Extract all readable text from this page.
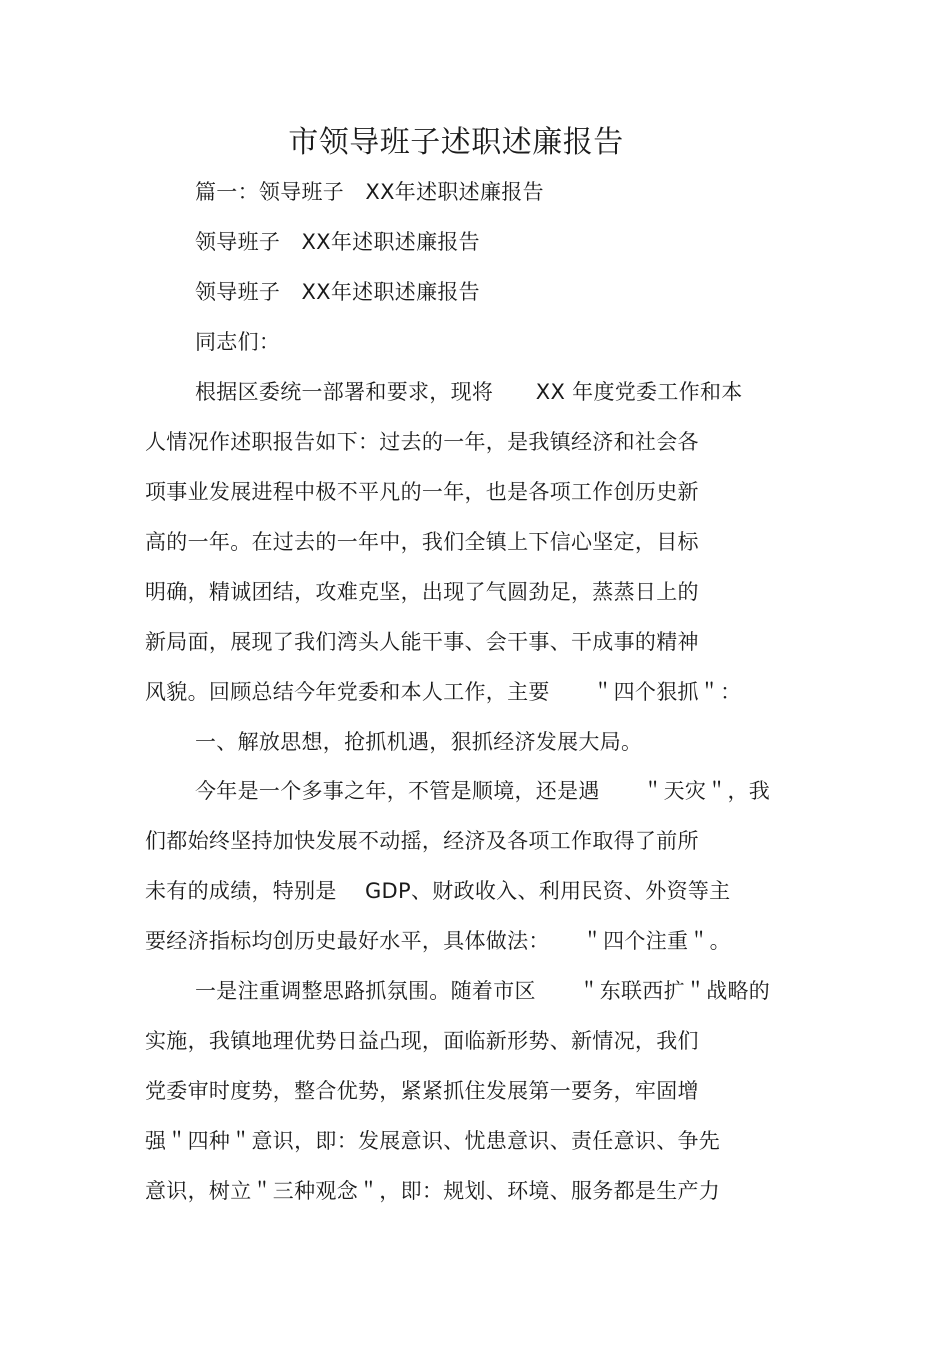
市领导班子述职述廉报告
篇一：领导班子　XX年述职述廉报告
领导班子　XX年述职述廉报告
领导班子　XX年述职述廉报告
同志们：
根据区委统一部署和要求，现将　　XX 年度党委工作和本
人情况作述职报告如下：过去的一年，是我镇经济和社会各
项事业发展进程中极不平凡的一年，也是各项工作创历史新
高的一年。在过去的一年中，我们全镇上下信心坚定，目标
明确，精诚团结，攻难克坚，出现了气圆劲足，蒸蒸日上的
新局面，展现了我们湾头人能干事、会干事、干成事的精神
风貌。回顾总结今年党委和本人工作，主要　　＂四个狠抓＂：
一、解放思想，抢抓机遇，狠抓经济发展大局。
今年是一个多事之年，不管是顺境，还是遇　　＂天灾＂，我
们都始终坚持加快发展不动摇，经济及各项工作取得了前所
未有的成绩，特别是　 GDP、财政收入、利用民资、外资等主
要经济指标均创历史最好水平，具体做法：　　＂四个注重＂。
一是注重调整思路抓氛围。随着市区　　＂东联西扩＂战略的
实施，我镇地理优势日益凸现，面临新形势、新情况，我们
党委审时度势，整合优势，紧紧抓住发展第一要务，牢固增
强＂四种＂意识，即：发展意识、忧患意识、责任意识、争先
意识，树立＂三种观念＂，即：规划、环境、服务都是生产力
